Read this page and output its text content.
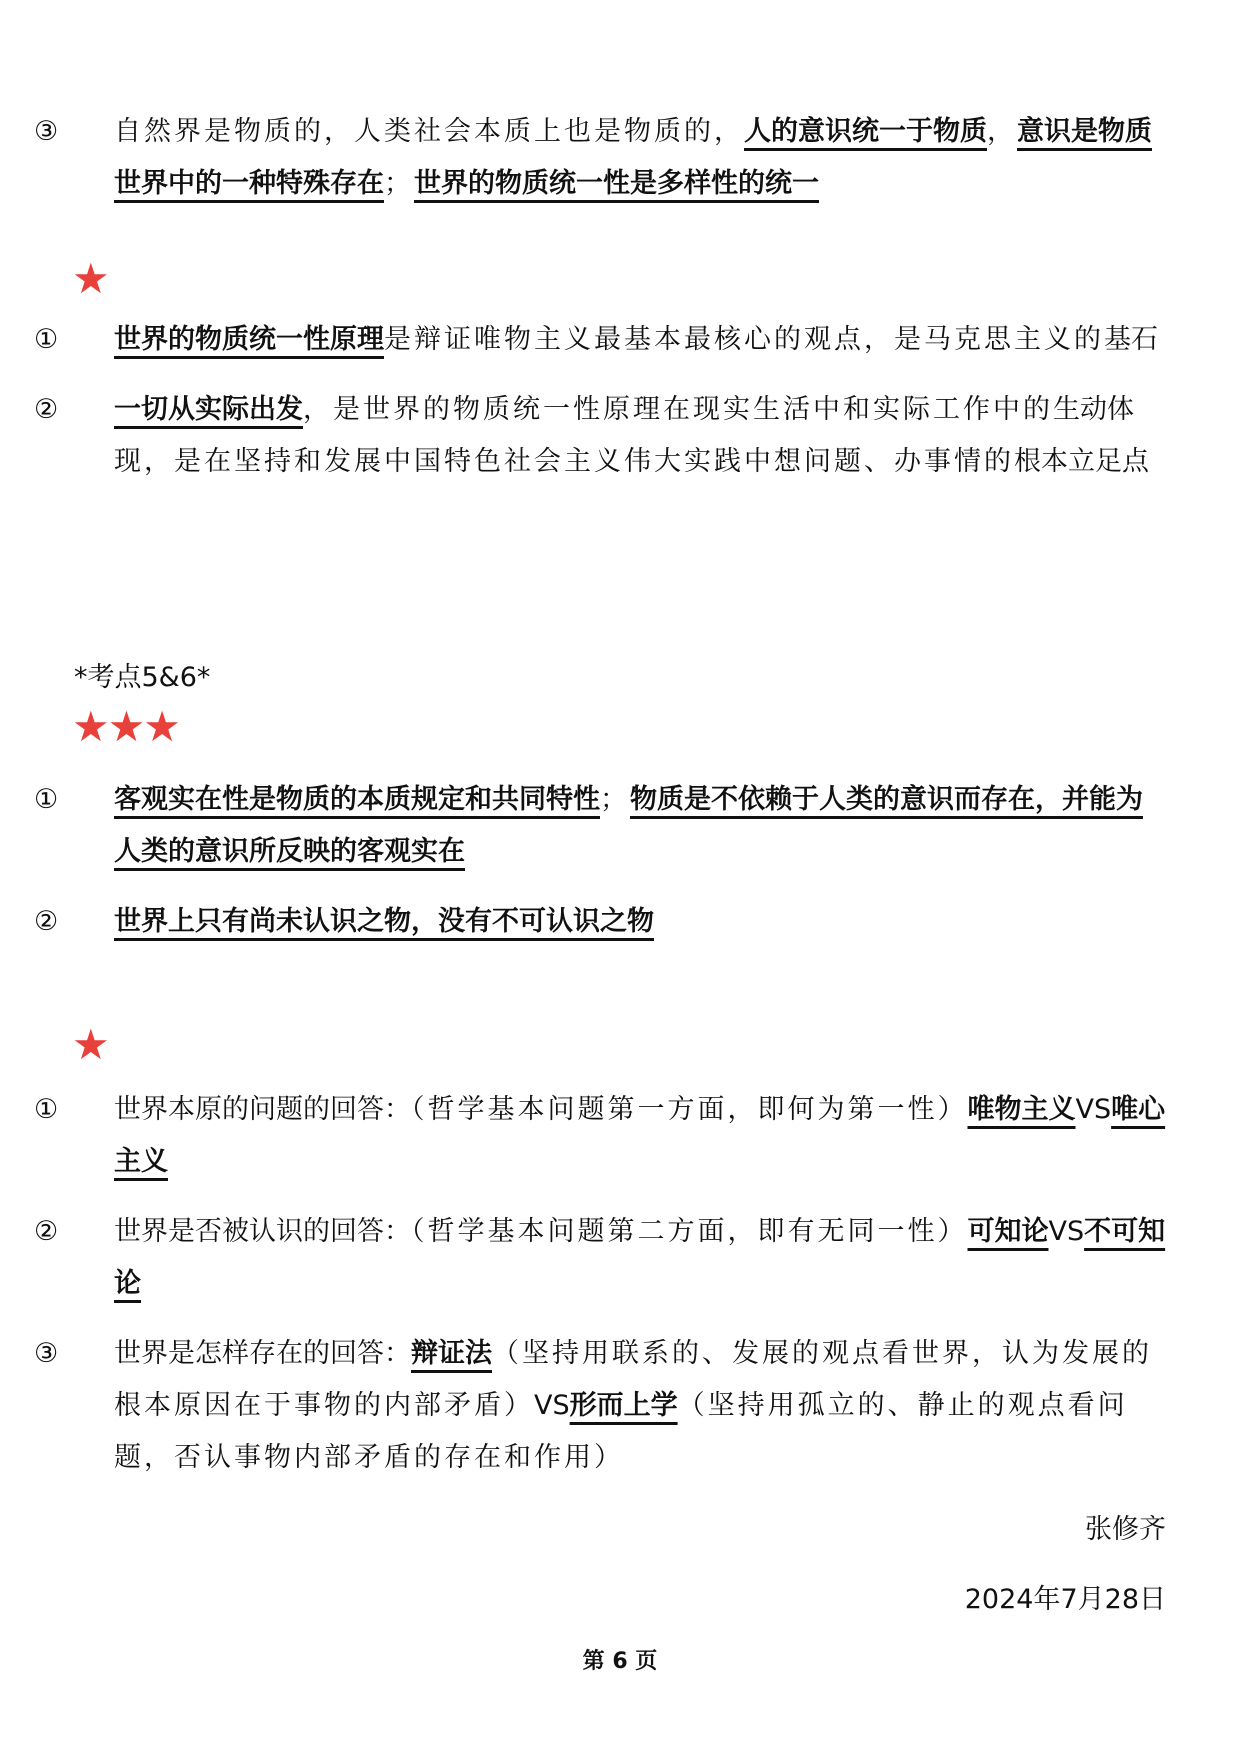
③ 自然界是物质的，人类社会本质上也是物质的，人的意识统一于物质，意识是物质世界中的一种特殊存在；世界的物质统一性是多样性的统一
★
① 世界的物质统一性原理是辩证唯物主义最基本最核心的观点，是马克思主义的基石
② 一切从实际出发，是世界的物质统一性原理在现实生活中和实际工作中的生动体现，是在坚持和发展中国特色社会主义伟大实践中想问题、办事情的根本立足点
*考点5&6*
★★★
① 客观实在性是物质的本质规定和共同特性；物质是不依赖于人类的意识而存在，并能为人类的意识所反映的客观实在
② 世界上只有尚未认识之物，没有不可认识之物
★
① 世界本原的问题的回答：（哲学基本问题第一方面，即何为第一性）唯物主义VS唯心主义
② 世界是否被认识的回答：（哲学基本问题第二方面，即有无同一性）可知论VS不可知论
③ 世界是怎样存在的回答：辩证法（坚持用联系的、发展的观点看世界，认为发展的根本原因在于事物的内部矛盾）VS形而上学（坚持用孤立的、静止的观点看问题，否认事物内部矛盾的存在和作用）
张修齐
2024年7月28日
第 6 页
